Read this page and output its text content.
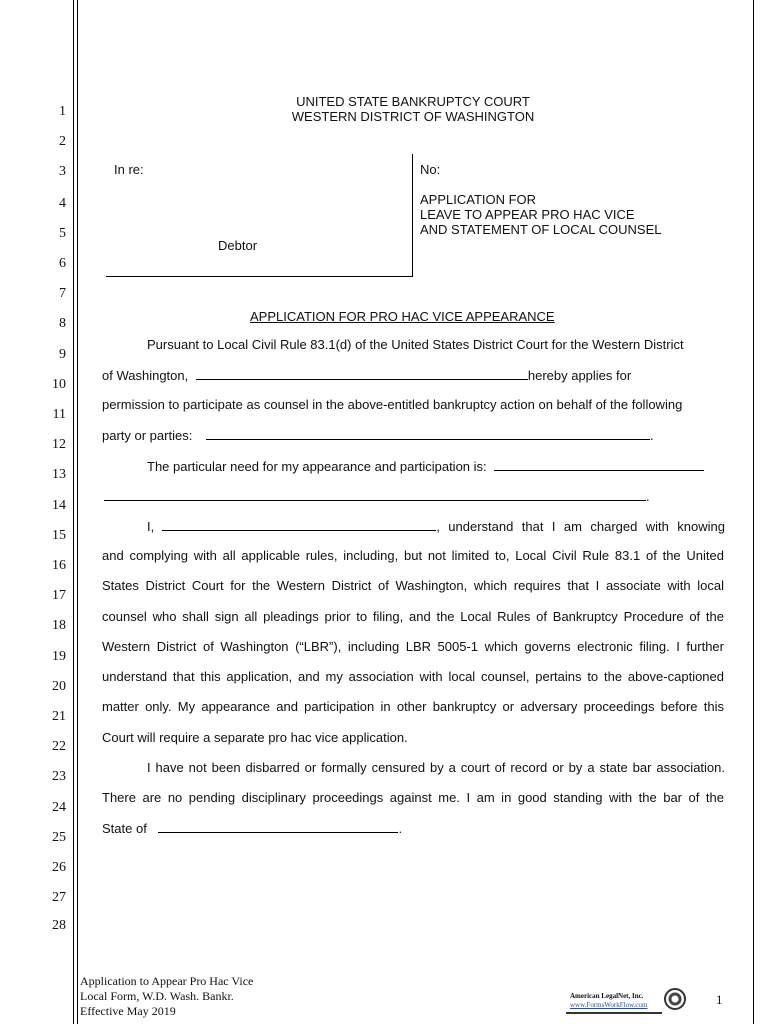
1
2
3
4
5
6
7
8
9
10
11
12
13
14
15
16
17
18
19
20
21
22
23
24
25
26
27
28
UNITED STATE BANKRUPTCY COURT
WESTERN DISTRICT OF WASHINGTON
In re:
Debtor
No:
APPLICATION FOR
LEAVE TO APPEAR PRO HAC VICE
AND STATEMENT OF LOCAL COUNSEL
APPLICATION FOR PRO HAC VICE APPEARANCE
Pursuant to Local Civil Rule 83.1(d) of the United States District Court for the Western District
of Washington,	hereby applies for
permission to participate as counsel in the above-entitled bankruptcy action on behalf of the following
party or parties:	.
The particular need for my appearance and participation is:
.
I,	, understand that I am charged with knowing
and complying with all applicable rules, including, but not limited to, Local Civil Rule 83.1 of the United
States District Court for the Western District of Washington, which requires that I associate with local
counsel who shall sign all pleadings prior to filing, and the Local Rules of Bankruptcy Procedure of the
Western District of Washington (“LBR”), including LBR 5005-1 which governs electronic filing. I further
understand that this application, and my association with local counsel, pertains to the above-captioned
matter only. My appearance and participation in other bankruptcy or adversary proceedings before this
Court will require a separate pro hac vice application.
I have not been disbarred or formally censured by a court of record or by a state bar association.
There are no pending disciplinary proceedings against me. I am in good standing with the bar of the
State of	.
Application to Appear Pro Hac Vice
Local Form, W.D. Wash. Bankr.
Effective May 2019
American LegalNet, Inc.
www.FormsWorkFlow.com	1
